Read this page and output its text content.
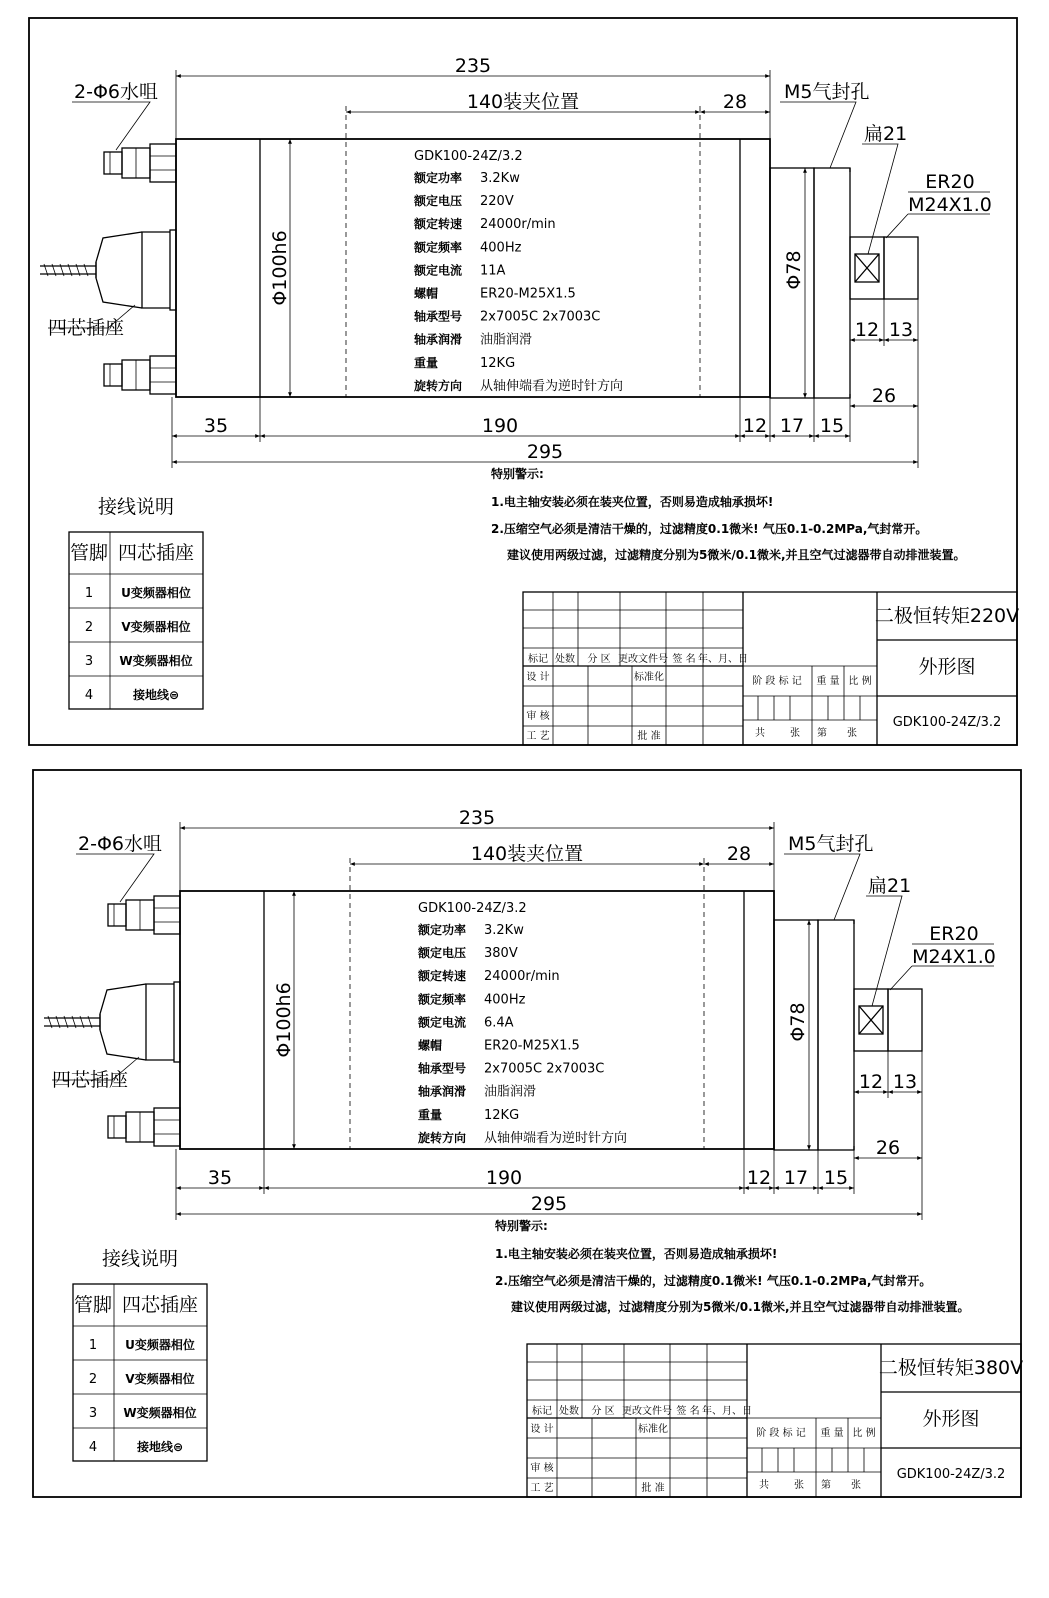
2-Φ6水咀
四芯插座
M5气封孔
扁21
ER20
M24X1.0
Φ100h6	Φ78
235
140装夹位置	28
35	190	12 17 15
295
26
12 13
GDK100-24Z/3.2
额定功率 3.2Kw
额定电压 220V
额定转速 24000r/min
额定频率 400Hz
额定电流 11A
螺帽	ER20-M25X1.5
轴承型号 2x7005C 2x7003C
轴承润滑 油脂润滑
重量	12KG
旋转方向 从轴伸端看为逆时针方向
特别警示:
1.电主轴安装必须在装夹位置，否则易造成轴承损坏!
2.压缩空气必须是清洁干燥的，过滤精度0.1微米! 气压0.1-0.2MPa,气封常开。
建议使用两级过滤，过滤精度分别为5微米/0.1微米,并且空气过滤器带自动排泄装置。
接线说明
管脚 四芯插座
1 U变频器相位
2 V变频器相位
3 W变频器相位
4	接地线⊜
二极恒转矩220V
外形图
GDK100-24Z/3.2
标记 处数 分 区 更改文件号 签 名 年、月、日
设 计	标准化	阶 段 标 记 重 量 比 例
审 核
工 艺	批 准	共	张 第 张
2-Φ6水咀
四芯插座
M5气封孔
扁21
ER20
M24X1.0
Φ100h6	Φ78
235
140装夹位置	28
35	190	12 17 15
295
26
12 13
GDK100-24Z/3.2
额定功率 3.2Kw
额定电压 380V
额定转速 24000r/min
额定频率 400Hz
额定电流 6.4A
螺帽	ER20-M25X1.5
轴承型号 2x7005C 2x7003C
轴承润滑 油脂润滑
重量	12KG
旋转方向 从轴伸端看为逆时针方向
特别警示:
1.电主轴安装必须在装夹位置，否则易造成轴承损坏!
2.压缩空气必须是清洁干燥的，过滤精度0.1微米! 气压0.1-0.2MPa,气封常开。
建议使用两级过滤，过滤精度分别为5微米/0.1微米,并且空气过滤器带自动排泄装置。
接线说明
管脚 四芯插座
1 U变频器相位
2 V变频器相位
3 W变频器相位
4	接地线⊜
二极恒转矩380V
外形图
GDK100-24Z/3.2
标记 处数 分 区 更改文件号 签 名 年、月、日
设 计	标准化	阶 段 标 记 重 量 比 例
审 核
工 艺	批 准	共	张 第 张
